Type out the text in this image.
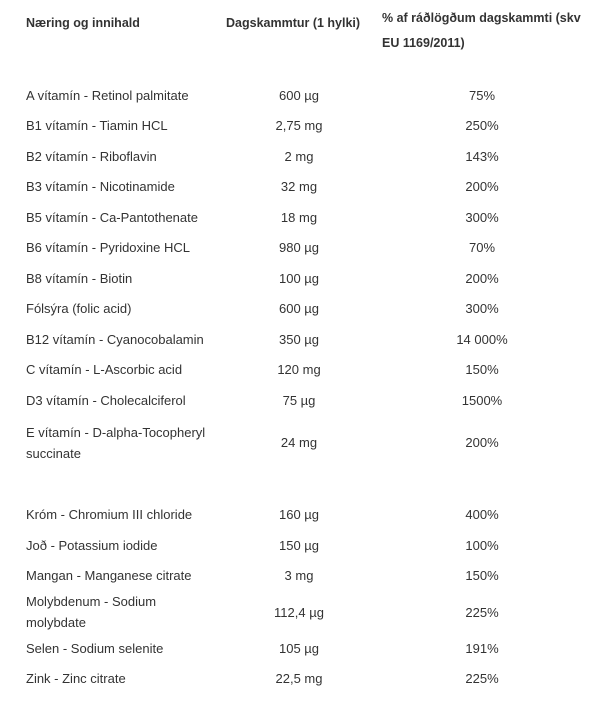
Næring og innihald	Dagskammtur (1 hylki)	% af ráðlögðum dagskammti (skv EU 1169/2011)
A vítamín - Retinol palmitate	600 µg	75%
B1 vítamín - Tiamin HCL	2,75 mg	250%
B2 vítamín - Riboflavin	2 mg	143%
B3 vítamín - Nicotinamide	32 mg	200%
B5 vítamín - Ca-Pantothenate	18 mg	300%
B6 vítamín - Pyridoxine HCL	980 µg	70%
B8 vítamín - Biotin	100 µg	200%
Fólsýra (folic acid)	600 µg	300%
B12 vítamín - Cyanocobalamin	350 µg	14 000%
C vítamín - L-Ascorbic acid	120 mg	150%
D3 vítamín - Cholecalciferol	75 µg	1500%
E vítamín - D-alpha-Tocopheryl succinate	24 mg	200%

Króm - Chromium III chloride	160 µg	400%
Joð - Potassium iodide	150 µg	100%
Mangan - Manganese citrate	3 mg	150%
Molybdenum - Sodium molybdate	112,4 µg	225%
Selen - Sodium selenite	105 µg	191%
Zink - Zinc citrate	22,5 mg	225%
